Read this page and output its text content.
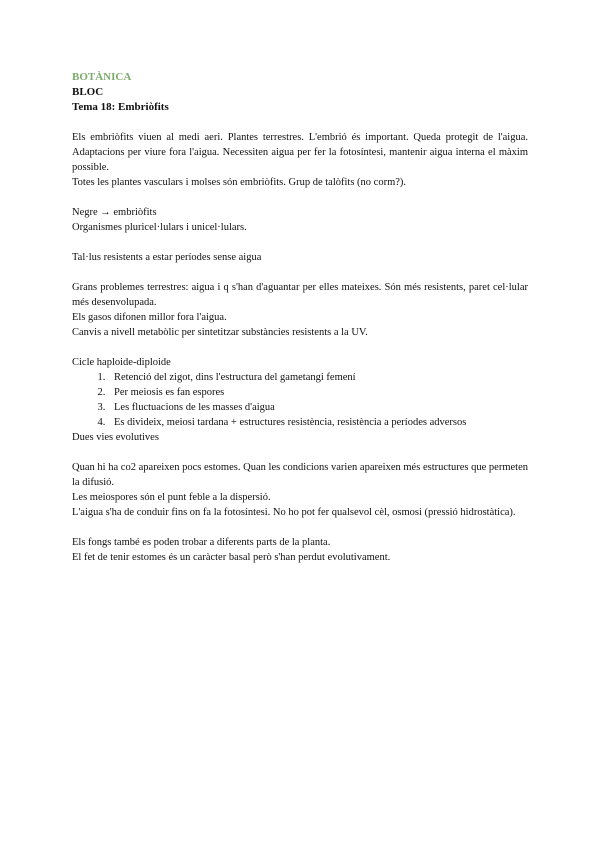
BOTÀNICA

BLOC

Tema 18: Embriòfits

Els embriòfits viuen al medi aeri. Plantes terrestres. L'embrió és important. Queda protegit de l'aigua. Adaptacions per viure fora l'aigua. Necessiten aigua per fer la fotosíntesi, mantenir aigua interna el màxim possible.

Totes les plantes vasculars i molses són embriòfits. Grup de talòfits (no corm?).

Negre → embriòfits

Organismes pluricel·lulars i unicel·lulars.

Tal·lus resistents a estar períodes sense aigua

Grans problemes terrestres: aigua i q s'han d'aguantar per elles mateixes. Són més resistents, paret cel·lular més desenvolupada.

Els gasos difonen millor fora l'aigua.

Canvis a nivell metabòlic per sintetitzar substàncies resistents a la UV.

Cicle haploide-diploide

1. Retenció del zigot, dins l'estructura del gametangi femení
2. Per meiosis es fan espores
3. Les fluctuacions de les masses d'aigua
4. Es divideix, meiosi tardana + estructures resistència, resistència a períodes adversos

Dues vies evolutives

Quan hi ha co2 apareixen pocs estomes. Quan les condicions varien apareixen més estructures que permeten la difusió.

Les meiospores són el punt feble a la dispersió.

L'aigua s'ha de conduir fins on fa la fotosíntesi. No ho pot fer qualsevol cèl, osmosi (pressió hidrostàtica).

Els fongs també es poden trobar a diferents parts de la planta.

El fet de tenir estomes és un caràcter basal però s'han perdut evolutivament.
